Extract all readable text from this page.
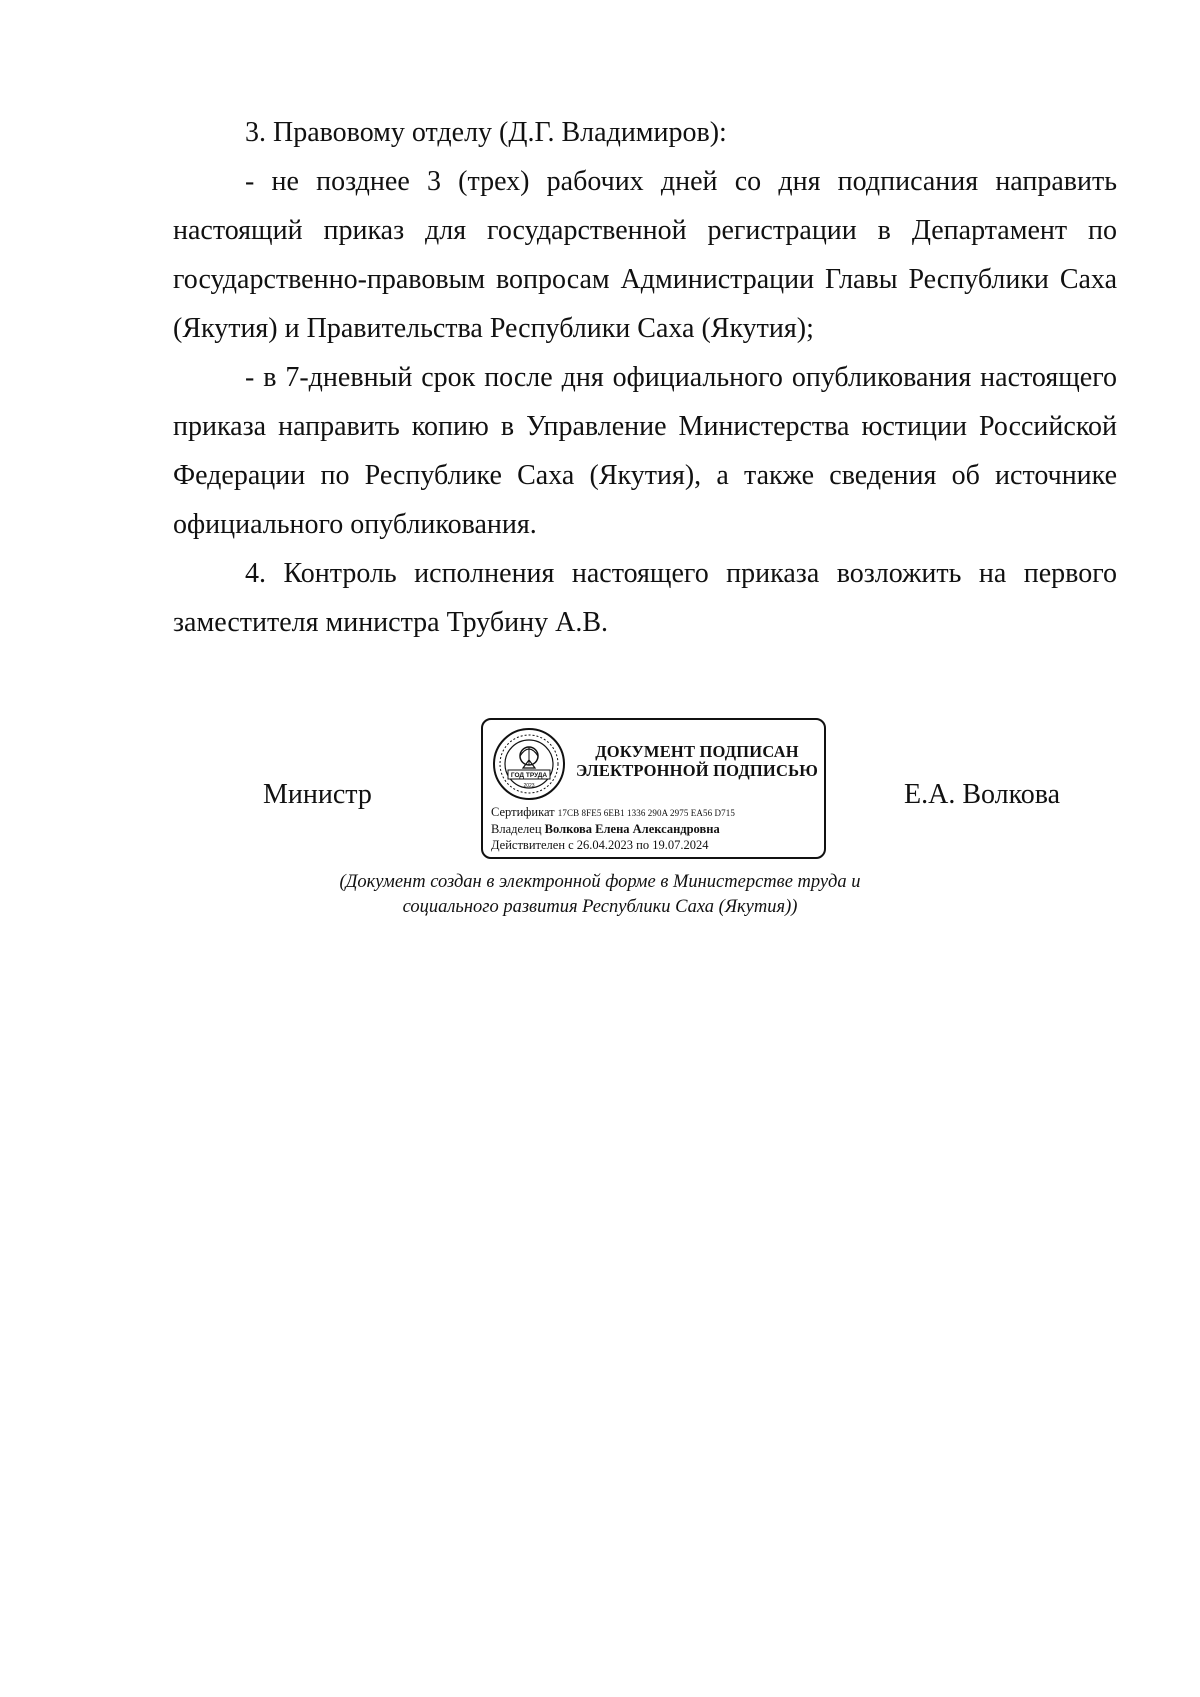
3. Правовому отделу (Д.Г. Владимиров):

- не позднее 3 (трех) рабочих дней со дня подписания направить настоящий приказ для государственной регистрации в Департамент по государственно-правовым вопросам Администрации Главы Республики Саха (Якутия) и Правительства Республики Саха (Якутия);

- в 7-дневный срок после дня официального опубликования настоящего приказа направить копию в Управление Министерства юстиции Российской Федерации по Республике Саха (Якутия), а также сведения об источнике официального опубликования.

4. Контроль исполнения настоящего приказа возложить на первого заместителя министра Трубину А.В.

Министр
ГОД ТРУДА
2023
ДОКУМЕНТ ПОДПИСАН
ЭЛЕКТРОННОЙ ПОДПИСЬЮ
Сертификат 17CB 8FE5 6EB1 1336 290A 2975 EA56 D715
Владелец Волкова Елена Александровна
Действителен с 26.04.2023 по 19.07.2024
Е.А. Волкова
(Документ создан в электронной форме в Министерстве труда и
социального развития Республики Саха (Якутия))
